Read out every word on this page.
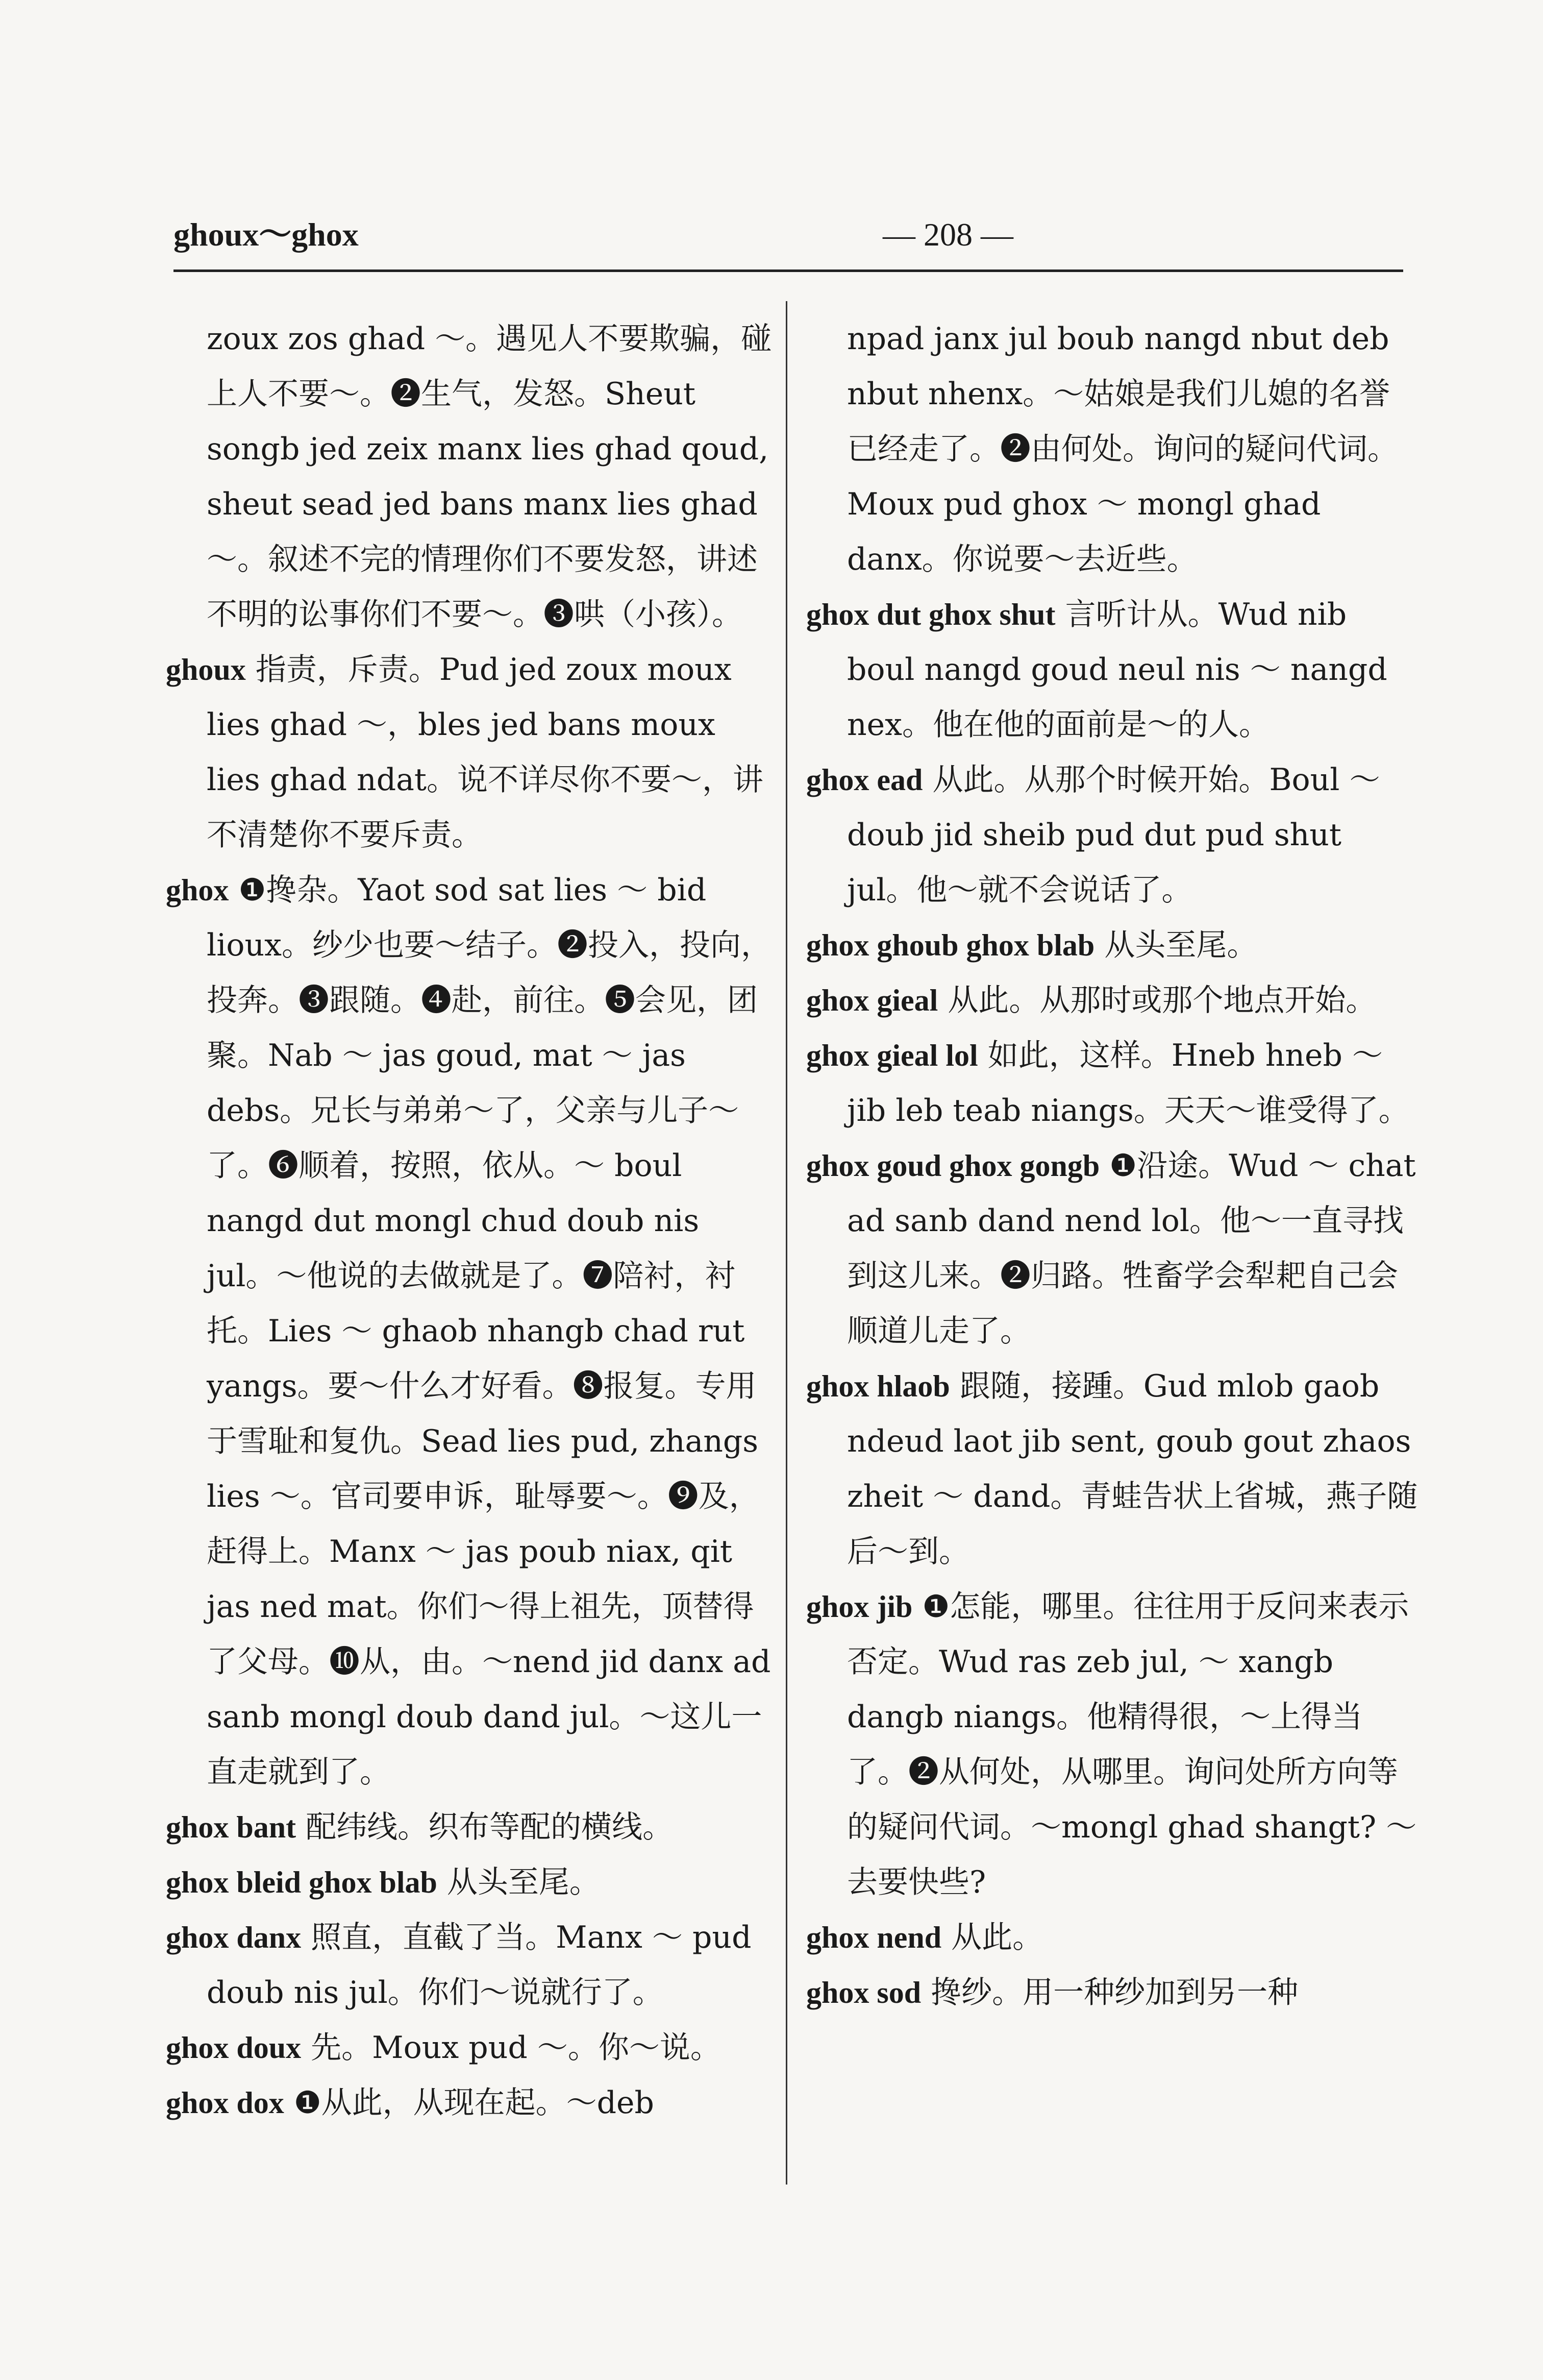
ghoux～ghox	— 208 —

zoux zos ghad ～。遇见人不要欺骗，碰上人不要～。❷生气，发怒。Sheut songb jed zeix manx lies ghad qoud, sheut sead jed bans manx lies ghad ～。叙述不完的情理你们不要发怒，讲述不明的讼事你们不要～。❸哄（小孩）。

ghoux 指责，斥责。Pud jed zoux moux lies ghad ～，bles jed bans moux lies ghad ndat。说不详尽你不要～，讲不清楚你不要斥责。

ghox ❶搀杂。Yaot sod sat lies ～ bid lioux。纱少也要～结子。❷投入，投向，投奔。❸跟随。❹赴，前往。❺会见，团聚。Nab ～ jas goud, mat ～ jas debs。兄长与弟弟～了，父亲与儿子～了。❻顺着，按照，依从。～ boul nangd dut mongl chud doub nis jul。～他说的去做就是了。❼陪衬，衬托。Lies ～ ghaob nhangb chad rut yangs。要～什么才好看。❽报复。专用于雪耻和复仇。Sead lies pud, zhangs lies ～。官司要申诉，耻辱要～。❾及，赶得上。Manx ～ jas poub niax, qit jas ned mat。你们～得上祖先，顶替得了父母。❿从，由。～nend jid danx ad sanb mongl doub dand jul。～这儿一直走就到了。

ghox bant 配纬线。织布等配的横线。

ghox bleid ghox blab 从头至尾。

ghox danx 照直，直截了当。Manx ～ pud doub nis jul。你们～说就行了。

ghox doux 先。Moux pud ～。你～说。

ghox dox ❶从此，从现在起。～deb

npad janx jul boub nangd nbut deb nbut nhenx。～姑娘是我们儿媳的名誉已经走了。❷由何处。询问的疑问代词。Moux pud ghox ～ mongl ghad danx。你说要～去近些。

ghox dut ghox shut 言听计从。Wud nib boul nangd goud neul nis ～ nangd nex。他在他的面前是～的人。

ghox ead 从此。从那个时候开始。Boul ～ doub jid sheib pud dut pud shut jul。他～就不会说话了。

ghox ghoub ghox blab 从头至尾。

ghox gieal 从此。从那时或那个地点开始。

ghox gieal lol 如此，这样。Hneb hneb ～ jib leb teab niangs。天天～谁受得了。

ghox goud ghox gongb ❶沿途。Wud ～ chat ad sanb dand nend lol。他～一直寻找到这儿来。❷归路。牲畜学会犁耙自己会顺道儿走了。

ghox hlaob 跟随，接踵。Gud mlob gaob ndeud laot jib sent, goub gout zhaos zheit ～ dand。青蛙告状上省城，燕子随后～到。

ghox jib ❶怎能，哪里。往往用于反问来表示否定。Wud ras zeb jul, ～ xangb dangb niangs。他精得很，～上得当了。❷从何处，从哪里。询问处所方向等的疑问代词。～mongl ghad shangt? ～去要快些?

ghox nend 从此。

ghox sod 搀纱。用一种纱加到另一种
